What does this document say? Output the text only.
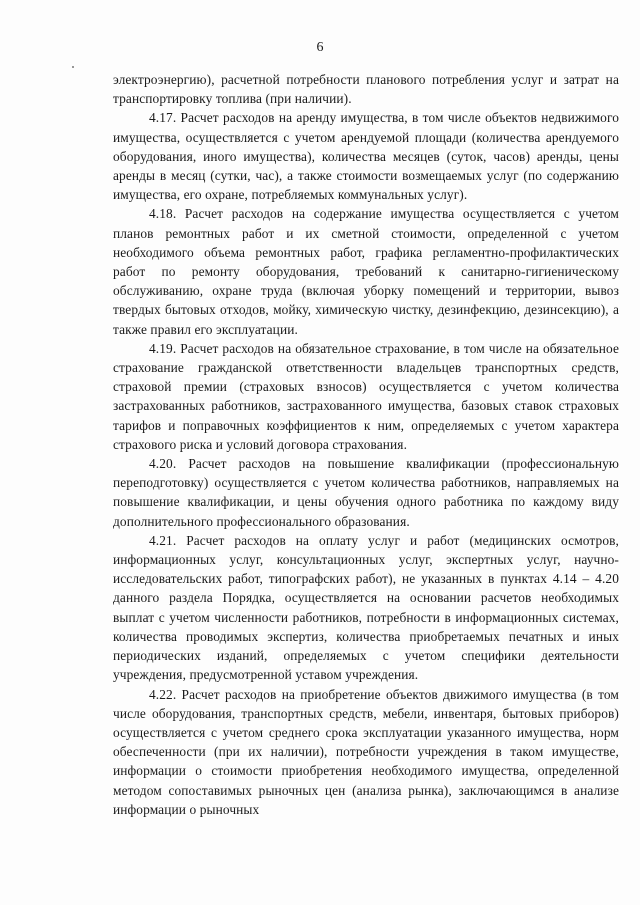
6

электроэнергию), расчетной потребности планового потребления услуг и затрат на транспортировку топлива (при наличии).

4.17. Расчет расходов на аренду имущества, в том числе объектов недвижимого имущества, осуществляется с учетом арендуемой площади (количества арендуемого оборудования, иного имущества), количества месяцев (суток, часов) аренды, цены аренды в месяц (сутки, час), а также стоимости возмещаемых услуг (по содержанию имущества, его охране, потребляемых коммунальных услуг).

4.18. Расчет расходов на содержание имущества осуществляется с учетом планов ремонтных работ и их сметной стоимости, определенной с учетом необходимого объема ремонтных работ, графика регламентно-профилактических работ по ремонту оборудования, требований к санитарно-гигиеническому обслуживанию, охране труда (включая уборку помещений и территории, вывоз твердых бытовых отходов, мойку, химическую чистку, дезинфекцию, дезинсекцию), а также правил его эксплуатации.

4.19. Расчет расходов на обязательное страхование, в том числе на обязательное страхование гражданской ответственности владельцев транспортных средств, страховой премии (страховых взносов) осуществляется с учетом количества застрахованных работников, застрахованного имущества, базовых ставок страховых тарифов и поправочных коэффициентов к ним, определяемых с учетом характера страхового риска и условий договора страхования.

4.20. Расчет расходов на повышение квалификации (профессиональную переподготовку) осуществляется с учетом количества работников, направляемых на повышение квалификации, и цены обучения одного работника по каждому виду дополнительного профессионального образования.

4.21. Расчет расходов на оплату услуг и работ (медицинских осмотров, информационных услуг, консультационных услуг, экспертных услуг, научно-исследовательских работ, типографских работ), не указанных в пунктах 4.14 – 4.20 данного раздела Порядка, осуществляется на основании расчетов необходимых выплат с учетом численности работников, потребности в информационных системах, количества проводимых экспертиз, количества приобретаемых печатных и иных периодических изданий, определяемых с учетом специфики деятельности учреждения, предусмотренной уставом учреждения.

4.22. Расчет расходов на приобретение объектов движимого имущества (в том числе оборудования, транспортных средств, мебели, инвентаря, бытовых приборов) осуществляется с учетом среднего срока эксплуатации указанного имущества, норм обеспеченности (при их наличии), потребности учреждения в таком имуществе, информации о стоимости приобретения необходимого имущества, определенной методом сопоставимых рыночных цен (анализа рынка), заключающимся в анализе информации о рыночных
